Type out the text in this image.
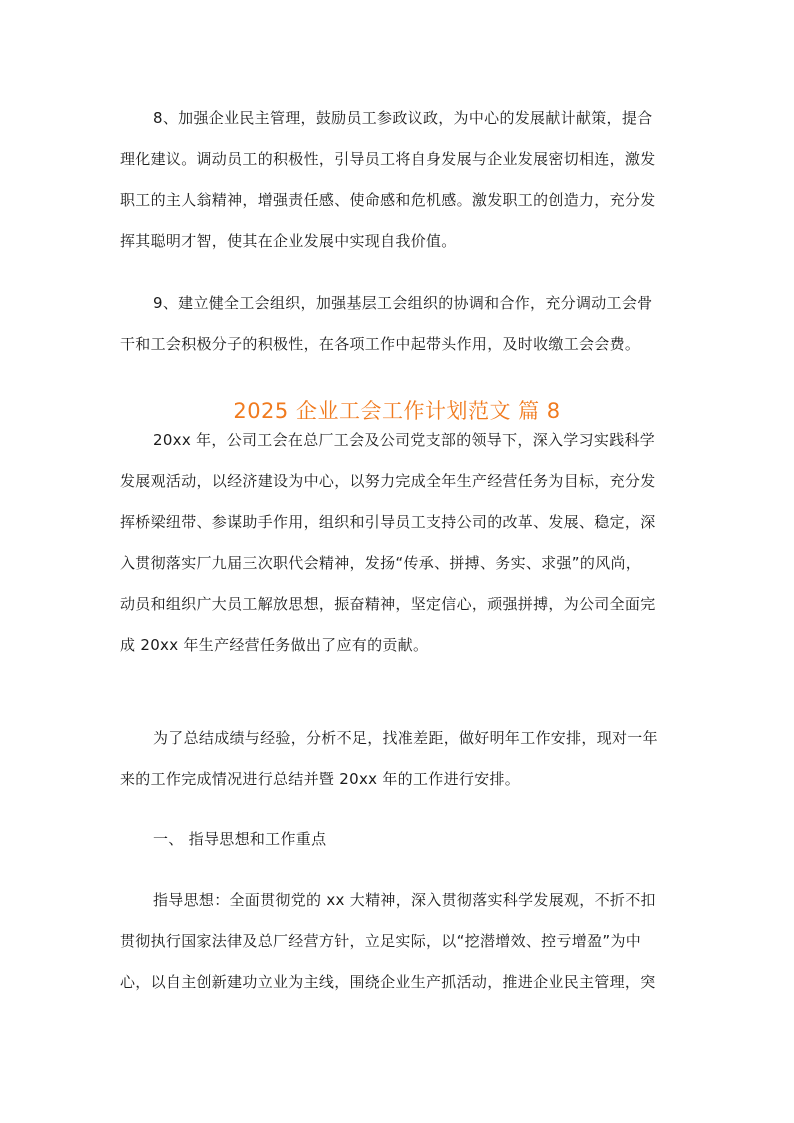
8、加强企业民主管理，鼓励员工参政议政，为中心的发展献计献策，提合
理化建议。调动员工的积极性，引导员工将自身发展与企业发展密切相连，激发
职工的主人翁精神，增强责任感、使命感和危机感。激发职工的创造力，充分发
挥其聪明才智，使其在企业发展中实现自我价值。
9、建立健全工会组织，加强基层工会组织的协调和合作，充分调动工会骨
干和工会积极分子的积极性，在各项工作中起带头作用，及时收缴工会会费。
2025 企业工会工作计划范文 篇 8
20xx 年，公司工会在总厂工会及公司党支部的领导下，深入学习实践科学
发展观活动，以经济建设为中心，以努力完成全年生产经营任务为目标，充分发
挥桥梁纽带、参谋助手作用，组织和引导员工支持公司的改革、发展、稳定，深
入贯彻落实厂九届三次职代会精神，发扬“传承、拼搏、务实、求强”的风尚，
动员和组织广大员工解放思想，振奋精神，坚定信心，顽强拼搏，为公司全面完
成 20xx 年生产经营任务做出了应有的贡献。
为了总结成绩与经验，分析不足，找准差距，做好明年工作安排，现对一年
来的工作完成情况进行总结并暨 20xx 年的工作进行安排。
一、 指导思想和工作重点
指导思想：全面贯彻党的 xx 大精神，深入贯彻落实科学发展观，不折不扣
贯彻执行国家法律及总厂经营方针，立足实际，以“挖潜增效、控亏增盈”为中
心，以自主创新建功立业为主线，围绕企业生产抓活动，推进企业民主管理，突
